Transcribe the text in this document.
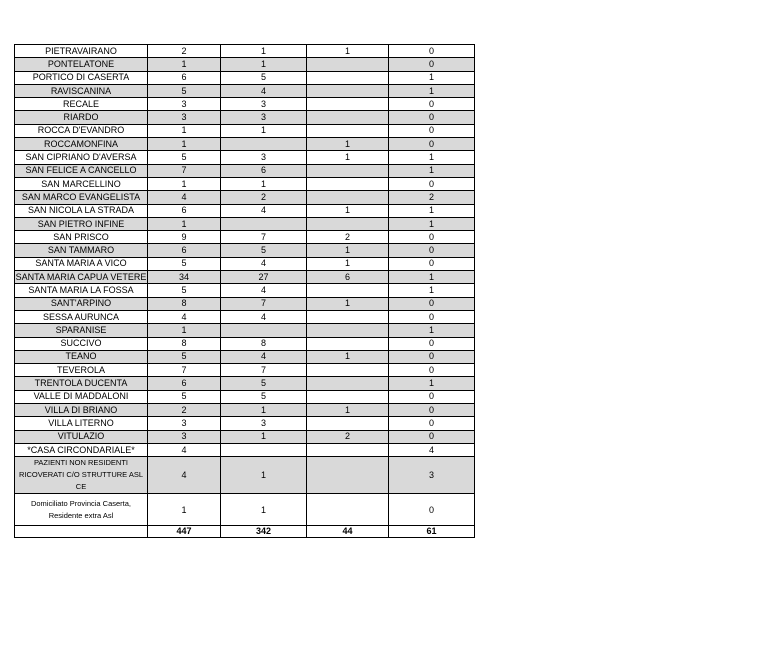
PIETRAVAIRANO	2	1	1	0
PONTELATONE	1	1		0
PORTICO DI CASERTA	6	5		1
RAVISCANINA	5	4		1
RECALE	3	3		0
RIARDO	3	3		0
ROCCA D'EVANDRO	1	1		0
ROCCAMONFINA	1		1	0
SAN CIPRIANO D'AVERSA	5	3	1	1
SAN FELICE A CANCELLO	7	6		1
SAN MARCELLINO	1	1		0
SAN MARCO EVANGELISTA	4	2		2
SAN NICOLA LA STRADA	6	4	1	1
SAN PIETRO INFINE	1			1
SAN PRISCO	9	7	2	0
SAN TAMMARO	6	5	1	0
SANTA MARIA A VICO	5	4	1	0
SANTA MARIA CAPUA VETERE	34	27	6	1
SANTA MARIA LA FOSSA	5	4		1
SANT'ARPINO	8	7	1	0
SESSA AURUNCA	4	4		0
SPARANISE	1			1
SUCCIVO	8	8		0
TEANO	5	4	1	0
TEVEROLA	7	7		0
TRENTOLA DUCENTA	6	5		1
VALLE DI MADDALONI	5	5		0
VILLA DI BRIANO	2	1	1	0
VILLA LITERNO	3	3		0
VITULAZIO	3	1	2	0
*CASA CIRCONDARIALE*	4			4
PAZIENTI NON RESIDENTI RICOVERATI C/O STRUTTURE ASL CE	4	1		3
Domiciliato Provincia Caserta, Residente extra Asl	1	1		0
	447	342	44	61
